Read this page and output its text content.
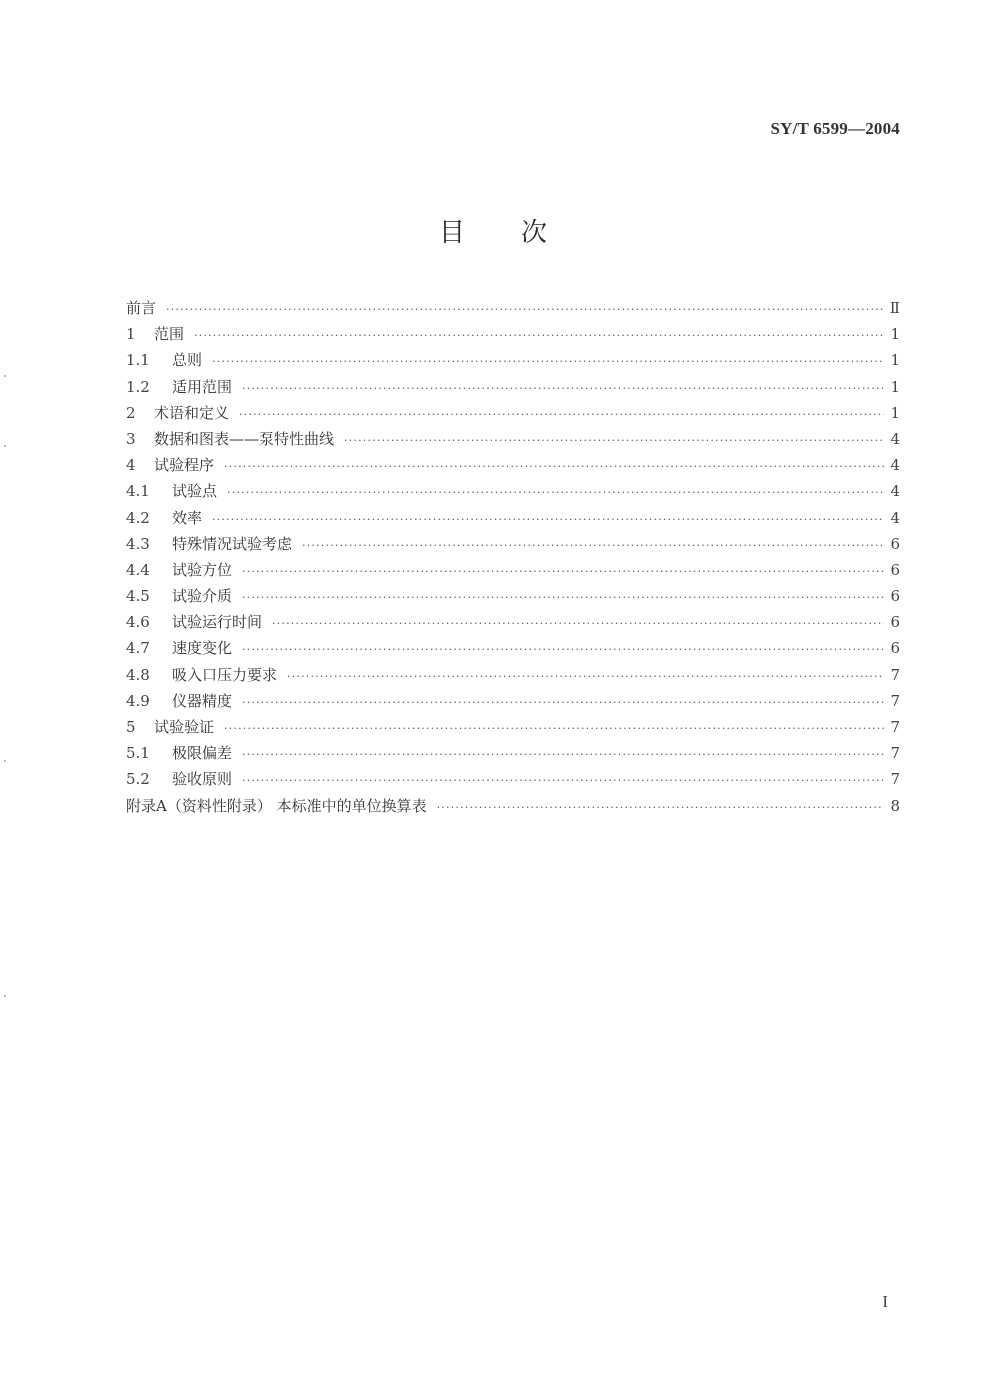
SY/T 6599—2004
目次
前言 ·····	Ⅱ
1	范围 ·····	1
1.1	总则 ·····	1
1.2	适用范围 ·····	1
2	术语和定义 ·····	1
3	数据和图表——泵特性曲线 ·····	4
4	试验程序 ·····	4
4.1	试验点 ·····	4
4.2	效率 ·····	4
4.3	特殊情况试验考虑 ·····	6
4.4	试验方位 ·····	6
4.5	试验介质 ·····	6
4.6	试验运行时间 ·····	6
4.7	速度变化 ·····	6
4.8	吸入口压力要求 ·····	7
4.9	仪器精度 ·····	7
5	试验验证 ·····	7
5.1	极限偏差 ·····	7
5.2	验收原则 ·····	7
附录A（资料性附录） 本标准中的单位换算表 ·····	8
I
